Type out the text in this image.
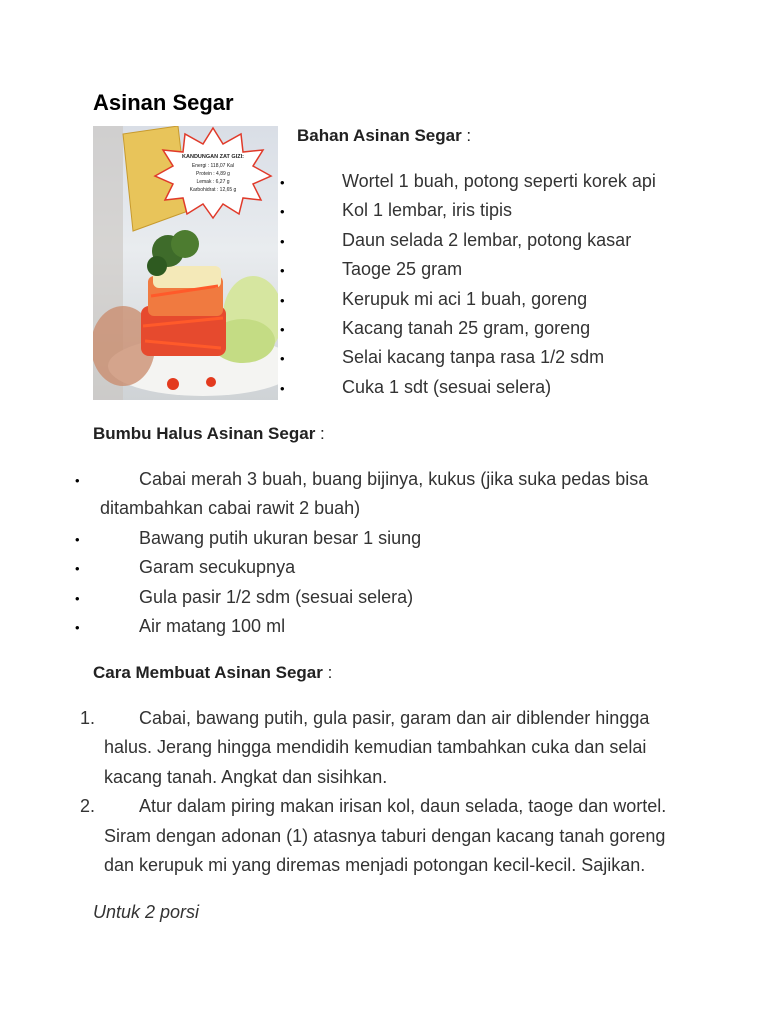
Asinan Segar
KANDUNGAN ZAT GIZI:
Energi : 118,07 Kal
Protein : 4,89 g
Lemak : 6,27 g
Karbohidrat : 12,65 g
Bahan Asinan Segar :
• Wortel 1 buah, potong seperti korek api
• Kol 1 lembar, iris tipis
• Daun selada 2 lembar, potong kasar
• Taoge 25 gram
• Kerupuk mi aci 1 buah, goreng
• Kacang tanah 25 gram, goreng
• Selai kacang tanpa rasa 1/2 sdm
• Cuka 1 sdt (sesuai selera)
Bumbu Halus Asinan Segar :
• Cabai merah 3 buah, buang bijinya, kukus (jika suka pedas bisa ditambahkan cabai rawit 2 buah)
• Bawang putih ukuran besar 1 siung
• Garam secukupnya
• Gula pasir 1/2 sdm (sesuai selera)
• Air matang 100 ml
Cara Membuat Asinan Segar :
1. Cabai, bawang putih, gula pasir, garam dan air diblender hingga halus. Jerang hingga mendidih kemudian tambahkan cuka dan selai kacang tanah. Angkat dan sisihkan.
2. Atur dalam piring makan irisan kol, daun selada, taoge dan wortel. Siram dengan adonan (1) atasnya taburi dengan kacang tanah goreng dan kerupuk mi yang diremas menjadi potongan kecil-kecil. Sajikan.
Untuk 2 porsi
